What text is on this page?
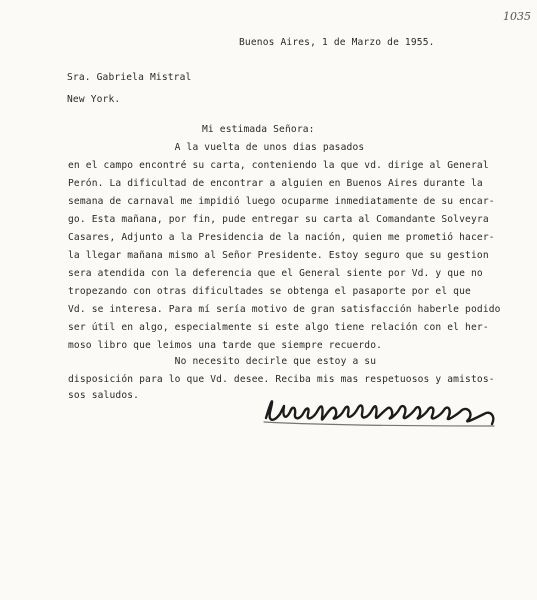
1035
Buenos Aires, 1 de Marzo de 1955.
Sra. Gabriela Mistral
New York.
Mi estimada Señora:
A la vuelta de unos dias pasados
en el campo encontré su carta, conteniendo la que vd. dirige al General
Perón. La dificultad de encontrar a alguien en Buenos Aires durante la
semana de carnaval me impidió luego ocuparme inmediatamente de su encar-
go. Esta mañana, por fin, pude entregar su carta al Comandante Solveyra
Casares, Adjunto a la Presidencia de la nación, quien me prometió hacer-
la llegar mañana mismo al Señor Presidente. Estoy seguro que su gestion
sera atendida con la deferencia que el General siente por Vd. y que no
tropezando con otras dificultades se obtenga el pasaporte por el que
Vd. se interesa. Para mí sería motivo de gran satisfacción haberle podido
ser útil en algo, especialmente si este algo tiene relación con el her-
moso libro que leimos una tarde que siempre recuerdo.
No necesito decirle que estoy a su
disposición para lo que Vd. desee. Reciba mis mas respetuosos y amistos-
sos saludos.
